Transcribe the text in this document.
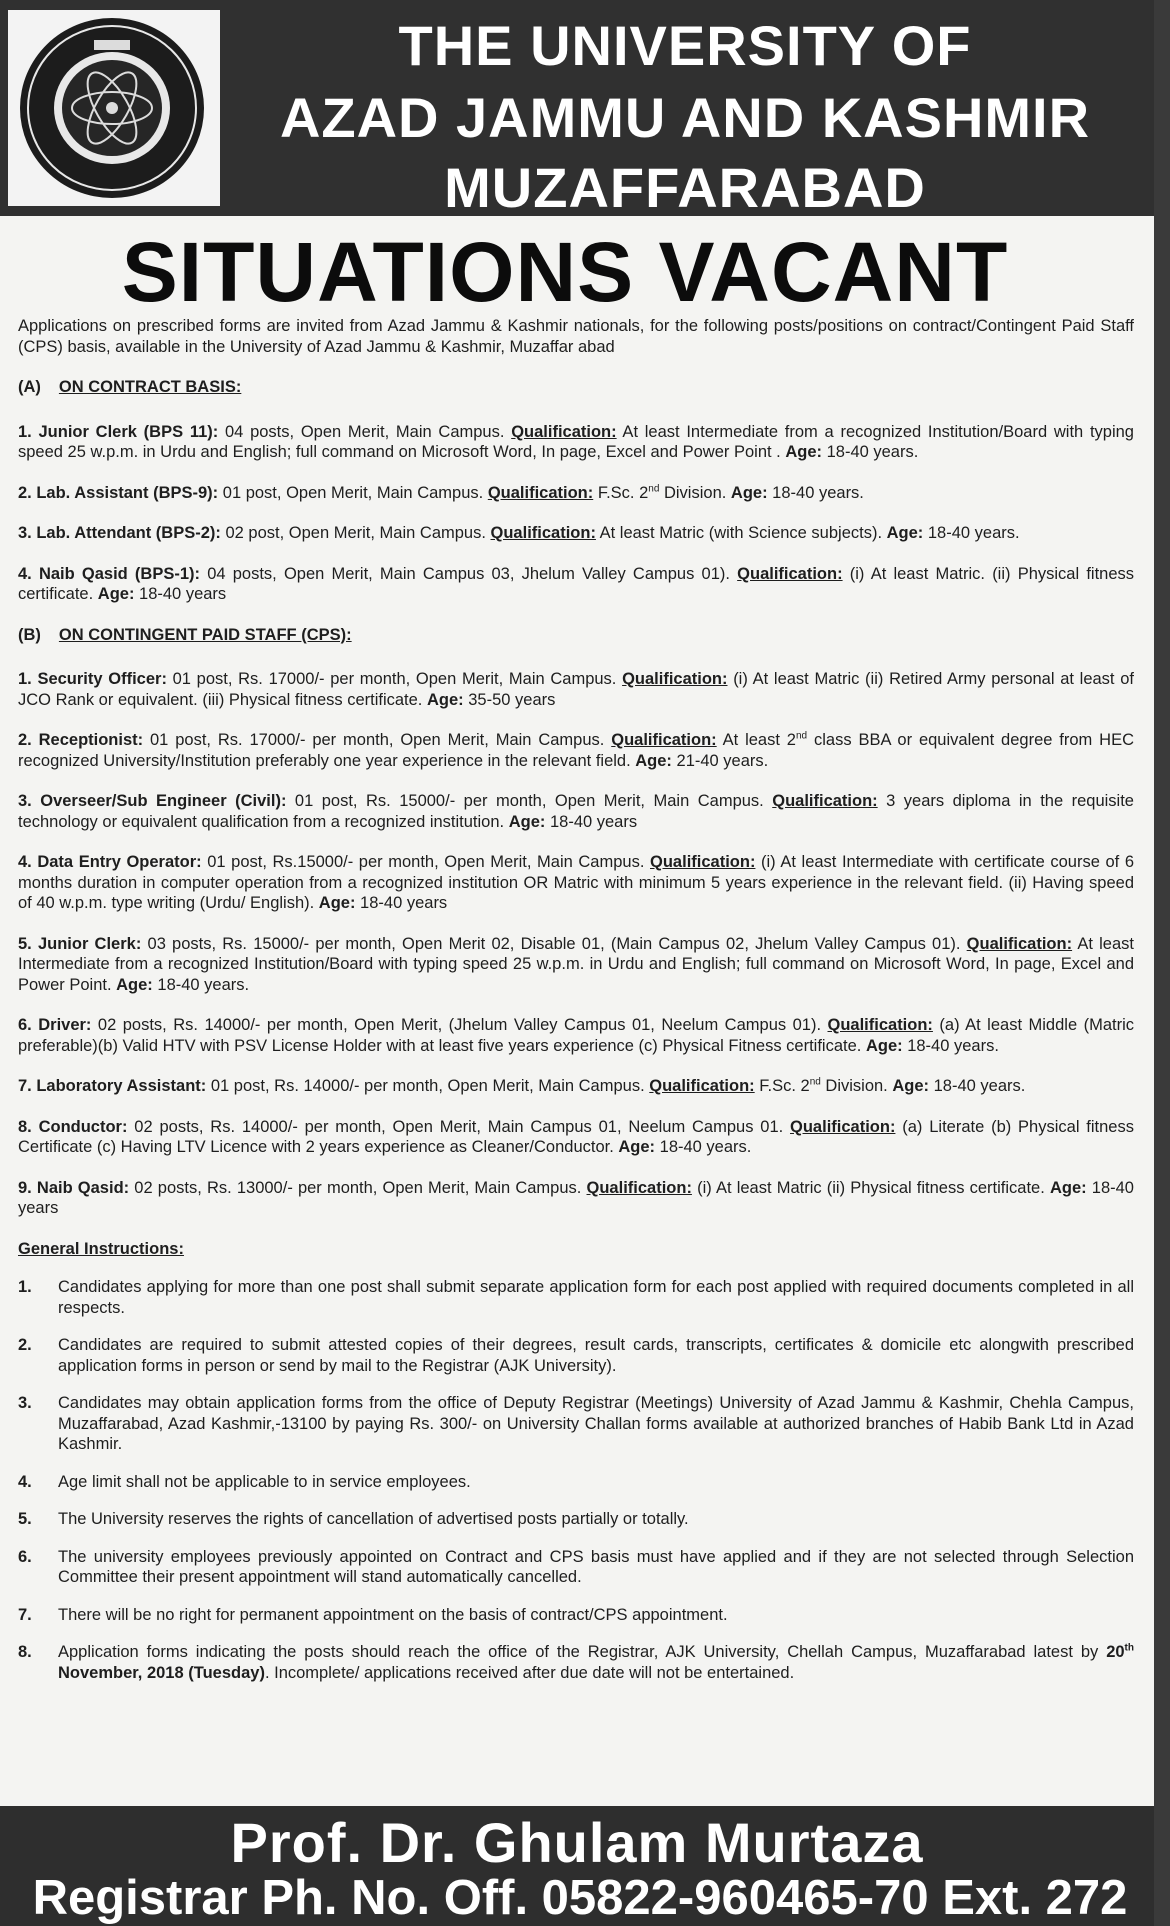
THE UNIVERSITY OF
AZAD JAMMU AND KASHMIR
MUZAFFARABAD
SITUATIONS VACANT

Applications on prescribed forms are invited from Azad Jammu & Kashmir nationals, for the following posts/positions on contract/Contingent Paid Staff (CPS) basis, available in the University of Azad Jammu & Kashmir, Muzaffar abad

(A) ON CONTRACT BASIS:

1. Junior Clerk (BPS 11): 04 posts, Open Merit, Main Campus. Qualification: At least Intermediate from a recognized Institution/Board with typing speed 25 w.p.m. in Urdu and English; full command on Microsoft Word, In page, Excel and Power Point . Age: 18-40 years.

2. Lab. Assistant (BPS-9): 01 post, Open Merit, Main Campus. Qualification: F.Sc. 2nd Division. Age: 18-40 years.

3. Lab. Attendant (BPS-2): 02 post, Open Merit, Main Campus. Qualification: At least Matric (with Science subjects). Age: 18-40 years.

4. Naib Qasid (BPS-1): 04 posts, Open Merit, Main Campus 03, Jhelum Valley Campus 01). Qualification: (i) At least Matric. (ii) Physical fitness certificate. Age: 18-40 years

(B) ON CONTINGENT PAID STAFF (CPS):

1. Security Officer: 01 post, Rs. 17000/- per month, Open Merit, Main Campus. Qualification: (i) At least Matric (ii) Retired Army personal at least of JCO Rank or equivalent. (iii) Physical fitness certificate. Age: 35-50 years

2. Receptionist: 01 post, Rs. 17000/- per month, Open Merit, Main Campus. Qualification: At least 2nd class BBA or equivalent degree from HEC recognized University/Institution preferably one year experience in the relevant field. Age: 21-40 years.

3. Overseer/Sub Engineer (Civil): 01 post, Rs. 15000/- per month, Open Merit, Main Campus. Qualification: 3 years diploma in the requisite technology or equivalent qualification from a recognized institution. Age: 18-40 years

4. Data Entry Operator: 01 post, Rs.15000/- per month, Open Merit, Main Campus. Qualification: (i) At least Intermediate with certificate course of 6 months duration in computer operation from a recognized institution OR Matric with minimum 5 years experience in the relevant field. (ii) Having speed of 40 w.p.m. type writing (Urdu/ English). Age: 18-40 years

5. Junior Clerk: 03 posts, Rs. 15000/- per month, Open Merit 02, Disable 01, (Main Campus 02, Jhelum Valley Campus 01). Qualification: At least Intermediate from a recognized Institution/Board with typing speed 25 w.p.m. in Urdu and English; full command on Microsoft Word, In page, Excel and Power Point. Age: 18-40 years.

6. Driver: 02 posts, Rs. 14000/- per month, Open Merit, (Jhelum Valley Campus 01, Neelum Campus 01). Qualification: (a) At least Middle (Matric preferable)(b) Valid HTV with PSV License Holder with at least five years experience (c) Physical Fitness certificate. Age: 18-40 years.

7. Laboratory Assistant: 01 post, Rs. 14000/- per month, Open Merit, Main Campus. Qualification: F.Sc. 2nd Division. Age: 18-40 years.

8. Conductor: 02 posts, Rs. 14000/- per month, Open Merit, Main Campus 01, Neelum Campus 01. Qualification: (a) Literate (b) Physical fitness Certificate (c) Having LTV Licence with 2 years experience as Cleaner/Conductor. Age: 18-40 years.

9. Naib Qasid: 02 posts, Rs. 13000/- per month, Open Merit, Main Campus. Qualification: (i) At least Matric (ii) Physical fitness certificate. Age: 18-40 years

General Instructions:

1.	Candidates applying for more than one post shall submit separate application form for each post applied with required documents completed in all respects.
2.	Candidates are required to submit attested copies of their degrees, result cards, transcripts, certificates & domicile etc alongwith prescribed application forms in person or send by mail to the Registrar (AJK University).
3.	Candidates may obtain application forms from the office of Deputy Registrar (Meetings) University of Azad Jammu & Kashmir, Chehla Campus, Muzaffarabad, Azad Kashmir,-13100 by paying Rs. 300/- on University Challan forms available at authorized branches of Habib Bank Ltd in Azad Kashmir.
4.	Age limit shall not be applicable to in service employees.
5.	The University reserves the rights of cancellation of advertised posts partially or totally.
6.	The university employees previously appointed on Contract and CPS basis must have applied and if they are not selected through Selection Committee their present appointment will stand automatically cancelled.
7.	There will be no right for permanent appointment on the basis of contract/CPS appointment.
8.	Application forms indicating the posts should reach the office of the Registrar, AJK University, Chellah Campus, Muzaffarabad latest by 20th November, 2018 (Tuesday). Incomplete/ applications received after due date will not be entertained.
Prof. Dr. Ghulam Murtaza
Registrar Ph. No. Off. 05822-960465-70 Ext. 272
